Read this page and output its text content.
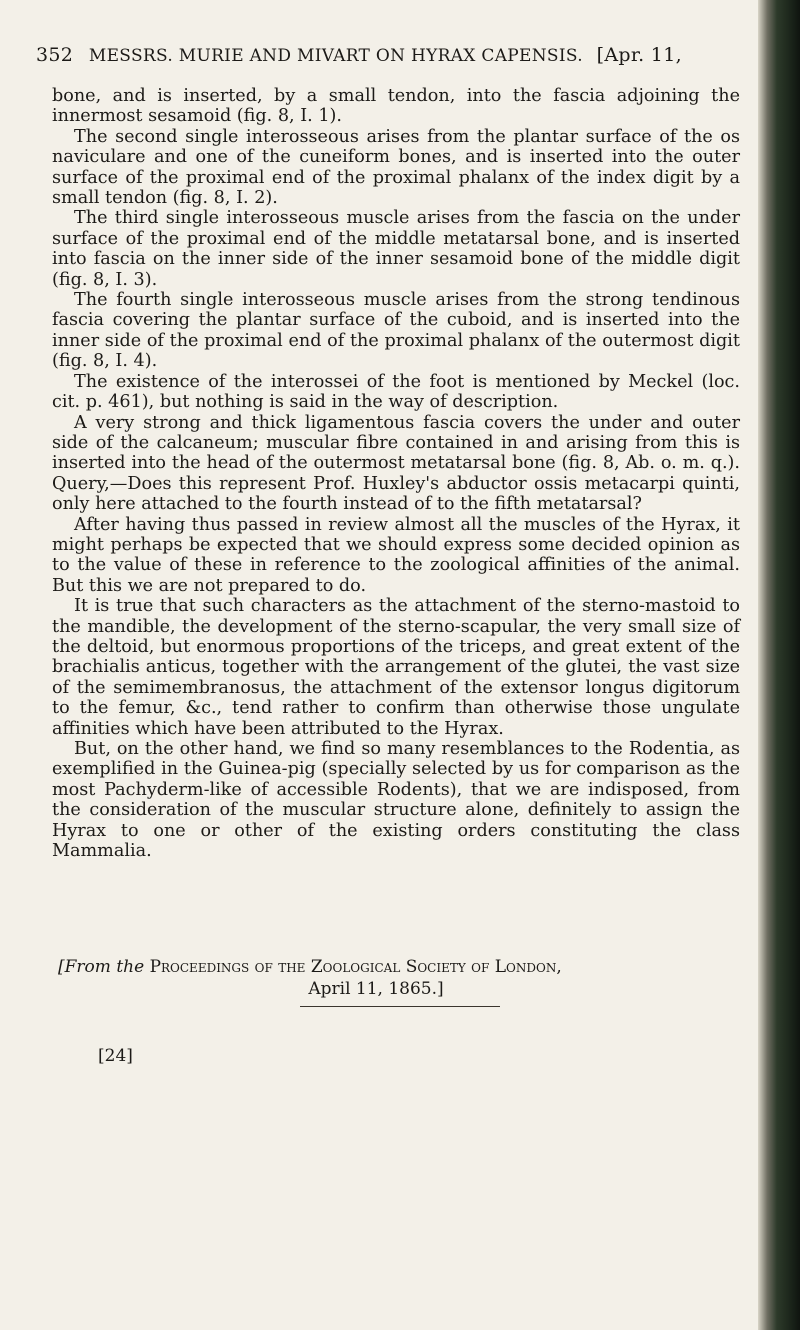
352 MESSRS. MURIE AND MIVART ON HYRAX CAPENSIS. [Apr. 11,

bone, and is inserted, by a small tendon, into the fascia adjoining the innermost sesamoid (fig. 8, I. 1).

The second single interosseous arises from the plantar surface of the os naviculare and one of the cuneiform bones, and is inserted into the outer surface of the proximal end of the proximal phalanx of the index digit by a small tendon (fig. 8, I. 2).

The third single interosseous muscle arises from the fascia on the under surface of the proximal end of the middle metatarsal bone, and is inserted into fascia on the inner side of the inner sesamoid bone of the middle digit (fig. 8, I. 3).

The fourth single interosseous muscle arises from the strong tendinous fascia covering the plantar surface of the cuboid, and is inserted into the inner side of the proximal end of the proximal phalanx of the outermost digit (fig. 8, I. 4).

The existence of the interossei of the foot is mentioned by Meckel (loc. cit. p. 461), but nothing is said in the way of description.

A very strong and thick ligamentous fascia covers the under and outer side of the calcaneum; muscular fibre contained in and arising from this is inserted into the head of the outermost metatarsal bone (fig. 8, Ab. o. m. q.). Query,—Does this represent Prof. Huxley's abductor ossis metacarpi quinti, only here attached to the fourth instead of to the fifth metatarsal?

After having thus passed in review almost all the muscles of the Hyrax, it might perhaps be expected that we should express some decided opinion as to the value of these in reference to the zoological affinities of the animal. But this we are not prepared to do.

It is true that such characters as the attachment of the sterno-mastoid to the mandible, the development of the sterno-scapular, the very small size of the deltoid, but enormous proportions of the triceps, and great extent of the brachialis anticus, together with the arrangement of the glutei, the vast size of the semimembranosus, the attachment of the extensor longus digitorum to the femur, &c., tend rather to confirm than otherwise those ungulate affinities which have been attributed to the Hyrax.

But, on the other hand, we find so many resemblances to the Rodentia, as exemplified in the Guinea-pig (specially selected by us for comparison as the most Pachyderm-like of accessible Rodents), that we are indisposed, from the consideration of the muscular structure alone, definitely to assign the Hyrax to one or other of the existing orders constituting the class Mammalia.

[From the Proceedings of the Zoological Society of London,
April 11, 1865.]
[24]
